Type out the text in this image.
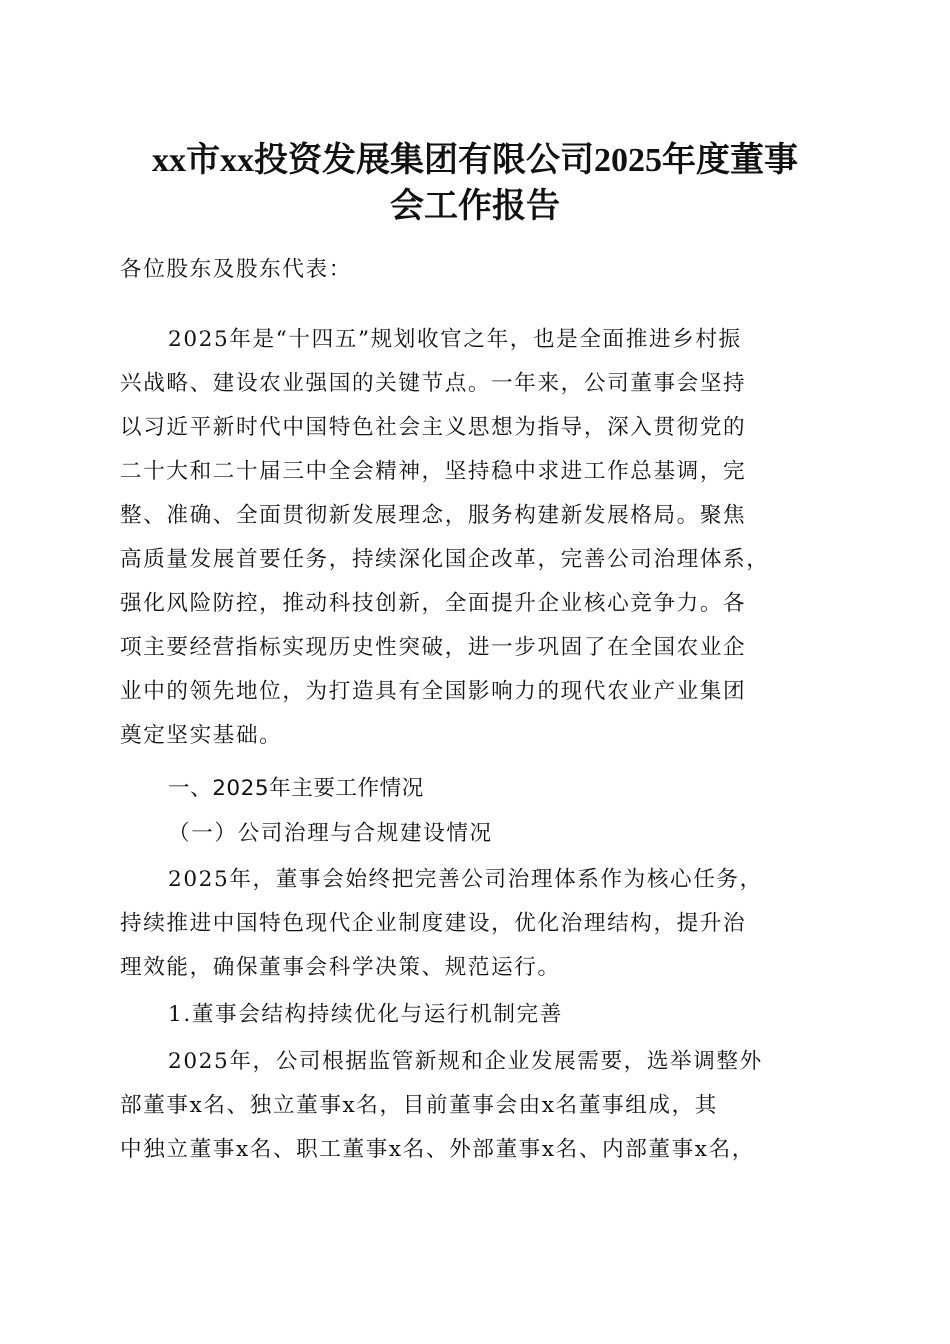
xx市xx投资发展集团有限公司2025年度董事
会工作报告

各位股东及股东代表：

2025年是“十四五”规划收官之年，也是全面推进乡村振

兴战略、建设农业强国的关键节点。一年来，公司董事会坚持

以习近平新时代中国特色社会主义思想为指导，深入贯彻党的

二十大和二十届三中全会精神，坚持稳中求进工作总基调，完

整、准确、全面贯彻新发展理念，服务构建新发展格局。聚焦

高质量发展首要任务，持续深化国企改革，完善公司治理体系，

强化风险防控，推动科技创新，全面提升企业核心竞争力。各

项主要经营指标实现历史性突破，进一步巩固了在全国农业企

业中的领先地位，为打造具有全国影响力的现代农业产业集团

奠定坚实基础。

一、2025年主要工作情况

（一）公司治理与合规建设情况

2025年，董事会始终把完善公司治理体系作为核心任务，

持续推进中国特色现代企业制度建设，优化治理结构，提升治

理效能，确保董事会科学决策、规范运行。

1.董事会结构持续优化与运行机制完善

2025年，公司根据监管新规和企业发展需要，选举调整外

部董事x名、独立董事x名，目前董事会由x名董事组成，其

中独立董事x名、职工董事x名、外部董事x名、内部董事x名，
